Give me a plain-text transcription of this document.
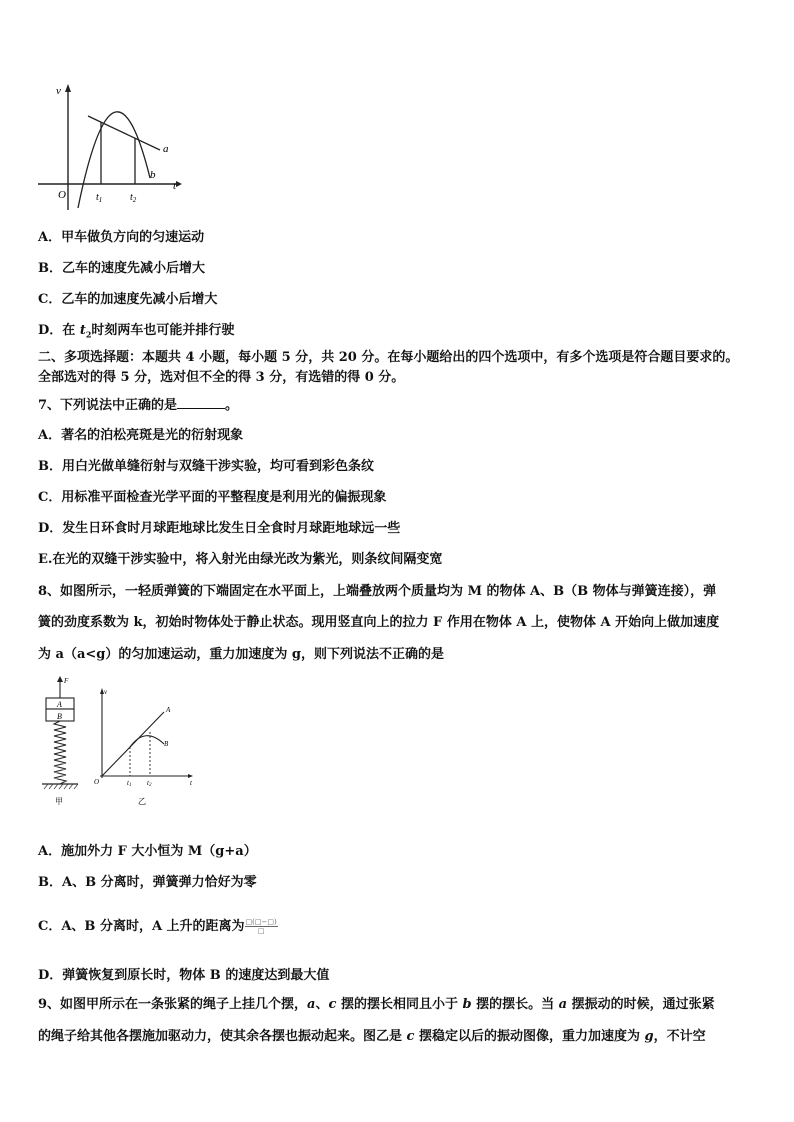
v
t
O
a
b
$t_1$	$t_2$
A．甲车做负方向的匀速运动
B．乙车的速度先减小后增大
C．乙车的加速度先减小后增大
D．在 $t_2$时刻两车也可能并排行驶
二、多项选择题：本题共 4 小题，每小题 5 分，共 20 分。在每小题给出的四个选项中，有多个选项是符合题目要求的。
全部选对的得 5 分，选对但不全的得 3 分，有选错的得 0 分。
7、下列说法中正确的是	。
A．著名的泊松亮斑是光的衍射现象
B．用白光做单缝衍射与双缝干涉实验，均可看到彩色条纹
C．用标准平面检查光学平面的平整程度是利用光的偏振现象
D．发生日环食时月球距地球比发生日全食时月球距地球远一些
E.在光的双缝干涉实验中，将入射光由绿光改为紫光，则条纹间隔变宽
8、如图所示，一轻质弹簧的下端固定在水平面上，上端叠放两个质量均为 M 的物体 A、B（B 物体与弹簧连接），弹
簧的劲度系数为 k，初始时物体处于静止状态。现用竖直向上的拉力 F 作用在物体 A 上，使物体 A 开始向上做加速度
为 a（a<g）的匀加速运动，重力加速度为 g，则下列说法不正确的是
F
A
B
甲
v
t
O
A
B
t1 t2
乙
A．施加外力 F 大小恒为 M（g+a）
B．A、B 分离时，弹簧弹力恰好为零
C．A、B 分离时，A 上升的距离为 $\frac{□(□-□)}{□}$
D．弹簧恢复到原长时，物体 B 的速度达到最大值
9、如图甲所示在一条张紧的绳子上挂几个摆，a、c 摆的摆长相同且小于 b 摆的摆长。当 a 摆振动的时候，通过张紧
的绳子给其他各摆施加驱动力，使其余各摆也振动起来。图乙是 c 摆稳定以后的振动图像，重力加速度为 g，不计空
